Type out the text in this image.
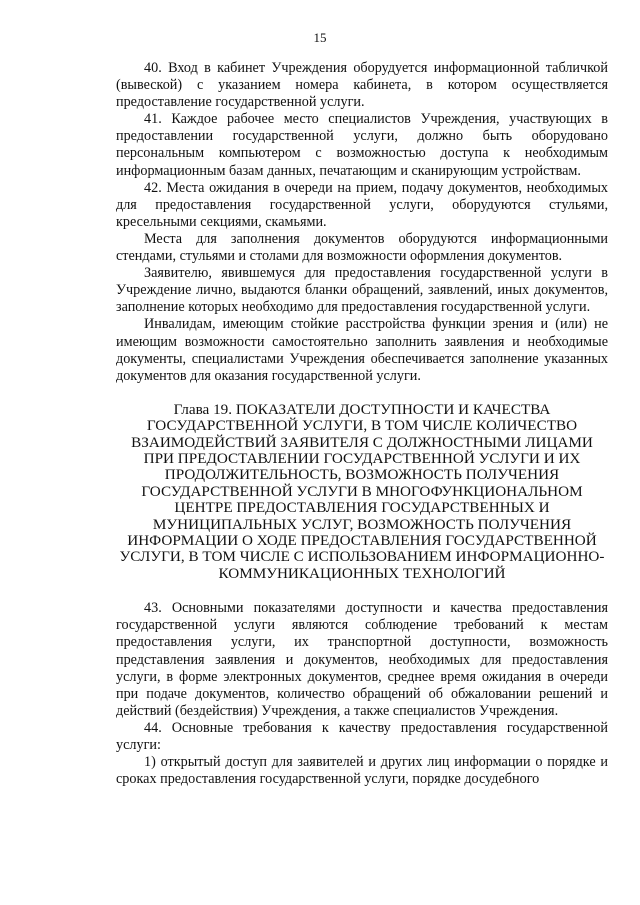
15

40. Вход в кабинет Учреждения оборудуется информационной табличкой (вывеской) с указанием номера кабинета, в котором осуществляется предоставление государственной услуги.

41. Каждое рабочее место специалистов Учреждения, участвующих в предоставлении государственной услуги, должно быть оборудовано персональным компьютером с возможностью доступа к необходимым информационным базам данных, печатающим и сканирующим устройствам.

42. Места ожидания в очереди на прием, подачу документов, необходимых для предоставления государственной услуги, оборудуются стульями, кресельными секциями, скамьями.

Места для заполнения документов оборудуются информационными стендами, стульями и столами для возможности оформления документов.

Заявителю, явившемуся для предоставления государственной услуги в Учреждение лично, выдаются бланки обращений, заявлений, иных документов, заполнение которых необходимо для предоставления государственной услуги.

Инвалидам, имеющим стойкие расстройства функции зрения и (или) не имеющим возможности самостоятельно заполнить заявления и необходимые документы, специалистами Учреждения обеспечивается заполнение указанных документов для оказания государственной услуги.

Глава 19. ПОКАЗАТЕЛИ ДОСТУПНОСТИ И КАЧЕСТВА ГОСУДАРСТВЕННОЙ УСЛУГИ, В ТОМ ЧИСЛЕ КОЛИЧЕСТВО ВЗАИМОДЕЙСТВИЙ ЗАЯВИТЕЛЯ С ДОЛЖНОСТНЫМИ ЛИЦАМИ ПРИ ПРЕДОСТАВЛЕНИИ ГОСУДАРСТВЕННОЙ УСЛУГИ И ИХ ПРОДОЛЖИТЕЛЬНОСТЬ, ВОЗМОЖНОСТЬ ПОЛУЧЕНИЯ ГОСУДАРСТВЕННОЙ УСЛУГИ В МНОГОФУНКЦИОНАЛЬНОМ ЦЕНТРЕ ПРЕДОСТАВЛЕНИЯ ГОСУДАРСТВЕННЫХ И МУНИЦИПАЛЬНЫХ УСЛУГ, ВОЗМОЖНОСТЬ ПОЛУЧЕНИЯ ИНФОРМАЦИИ О ХОДЕ ПРЕДОСТАВЛЕНИЯ ГОСУДАРСТВЕННОЙ УСЛУГИ, В ТОМ ЧИСЛЕ С ИСПОЛЬЗОВАНИЕМ ИНФОРМАЦИОННО-КОММУНИКАЦИОННЫХ ТЕХНОЛОГИЙ

43. Основными показателями доступности и качества предоставления государственной услуги являются соблюдение требований к местам предоставления услуги, их транспортной доступности, возможность представления заявления и документов, необходимых для предоставления услуги, в форме электронных документов, среднее время ожидания в очереди при подаче документов, количество обращений об обжаловании решений и действий (бездействия) Учреждения, а также специалистов Учреждения.

44. Основные требования к качеству предоставления государственной услуги:

1) открытый доступ для заявителей и других лиц информации о порядке и сроках предоставления государственной услуги, порядке досудебного
